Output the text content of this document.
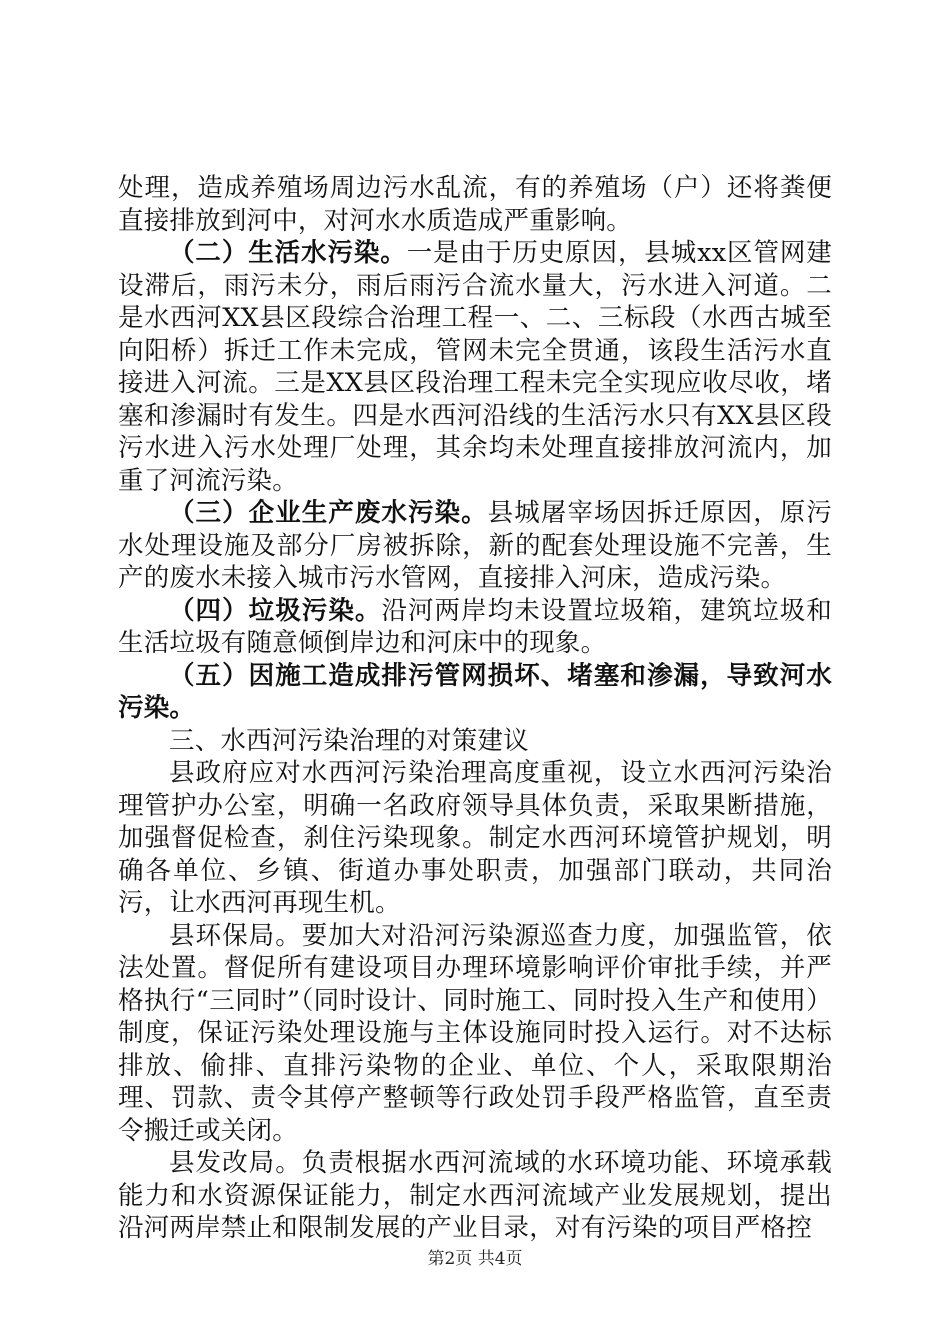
处理，造成养殖场周边污水乱流，有的养殖场（户）还将粪便直接排放到河中，对河水水质造成严重影响。

（二）生活水污染。一是由于历史原因，县城xx区管网建设滞后，雨污未分，雨后雨污合流水量大，污水进入河道。二是水西河XX县区段综合治理工程一、二、三标段（水西古城至向阳桥）拆迁工作未完成，管网未完全贯通，该段生活污水直接进入河流。三是XX县区段治理工程未完全实现应收尽收，堵塞和渗漏时有发生。四是水西河沿线的生活污水只有XX县区段污水进入污水处理厂处理，其余均未处理直接排放河流内，加重了河流污染。

（三）企业生产废水污染。县城屠宰场因拆迁原因，原污水处理设施及部分厂房被拆除，新的配套处理设施不完善，生产的废水未接入城市污水管网，直接排入河床，造成污染。

（四）垃圾污染。沿河两岸均未设置垃圾箱，建筑垃圾和生活垃圾有随意倾倒岸边和河床中的现象。

（五）因施工造成排污管网损坏、堵塞和渗漏，导致河水污染。

三、水西河污染治理的对策建议

县政府应对水西河污染治理高度重视，设立水西河污染治理管护办公室，明确一名政府领导具体负责，采取果断措施，加强督促检查，刹住污染现象。制定水西河环境管护规划，明确各单位、乡镇、街道办事处职责，加强部门联动，共同治污，让水西河再现生机。

县环保局。要加大对沿河污染源巡查力度，加强监管，依法处置。督促所有建设项目办理环境影响评价审批手续，并严格执行“三同时”（同时设计、同时施工、同时投入生产和使用）制度，保证污染处理设施与主体设施同时投入运行。对不达标排放、偷排、直排污染物的企业、单位、个人，采取限期治理、罚款、责令其停产整顿等行政处罚手段严格监管，直至责令搬迁或关闭。

县发改局。负责根据水西河流域的水环境功能、环境承载能力和水资源保证能力，制定水西河流域产业发展规划，提出沿河两岸禁止和限制发展的产业目录，对有污染的项目严格控

第2页 共4页
